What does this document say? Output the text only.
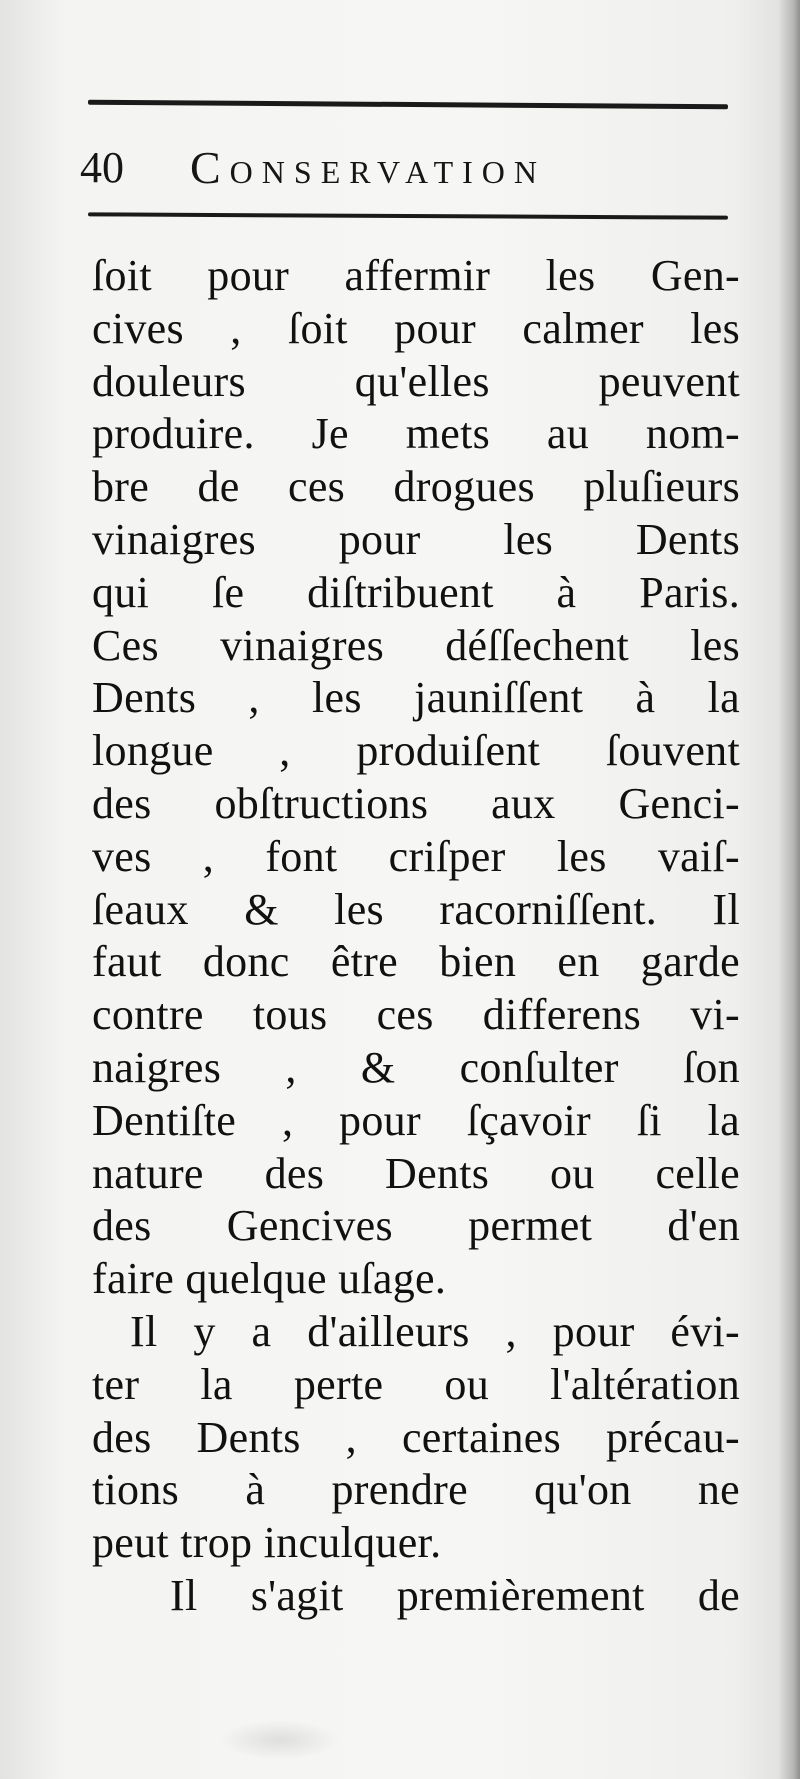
40 Conservation
ſoit pour affermir les Gen-
cives , ſoit pour calmer les
douleurs qu'elles peuvent
produire. Je mets au nom-
bre de ces drogues pluſieurs
vinaigres pour les Dents
qui ſe diſtribuent à Paris.
Ces vinaigres déſſechent les
Dents , les jauniſſent à la
longue , produiſent ſouvent
des obſtructions aux Genci-
ves , font criſper les vaiſ-
ſeaux & les racorniſſent. Il
faut donc être bien en garde
contre tous ces differens vi-
naigres , & conſulter ſon
Dentiſte , pour ſçavoir ſi la
nature des Dents ou celle
des Gencives permet d'en
faire quelque uſage.
Il y a d'ailleurs , pour évi-
ter la perte ou l'altération
des Dents , certaines précau-
tions à prendre qu'on ne
peut trop inculquer.
Il s'agit premièrement de
